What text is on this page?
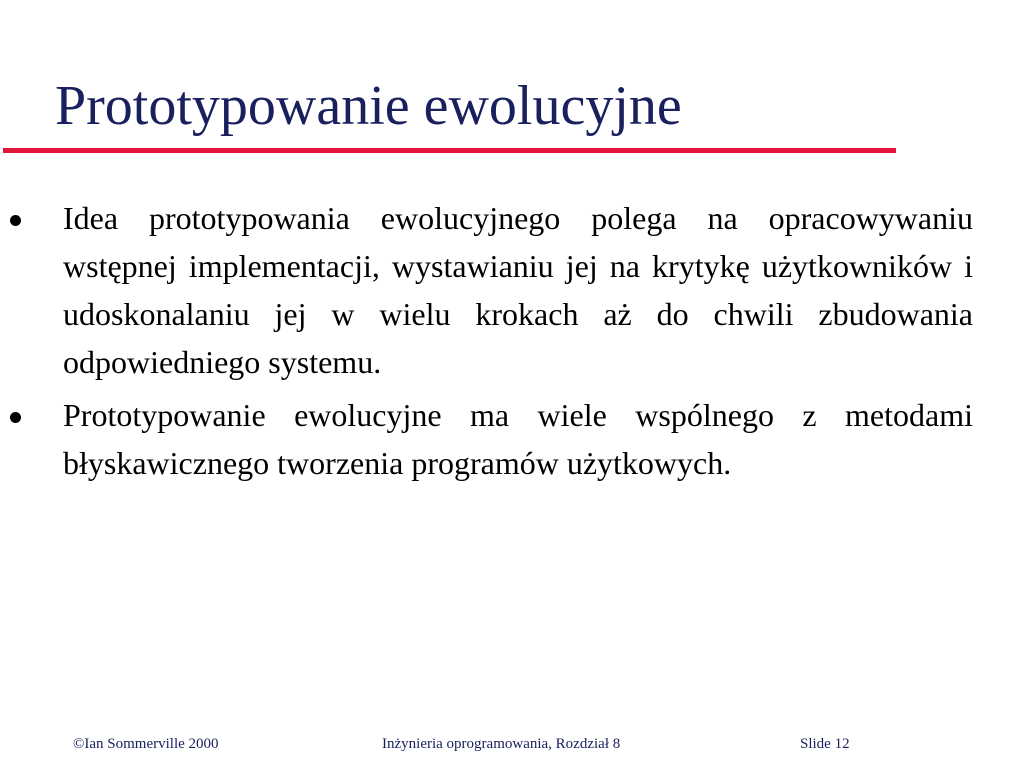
Prototypowanie ewolucyjne
Idea prototypowania ewolucyjnego polega na opracowywaniu wstępnej implementacji, wystawianiu jej na krytykę użytkowników i udoskonalaniu jej w wielu krokach aż do chwili zbudowania odpowiedniego systemu.
Prototypowanie ewolucyjne ma wiele wspólnego z metodami błyskawicznego tworzenia programów użytkowych.
©Ian Sommerville 2000	Inżynieria oprogramowania, Rozdział 8	Slide 12
